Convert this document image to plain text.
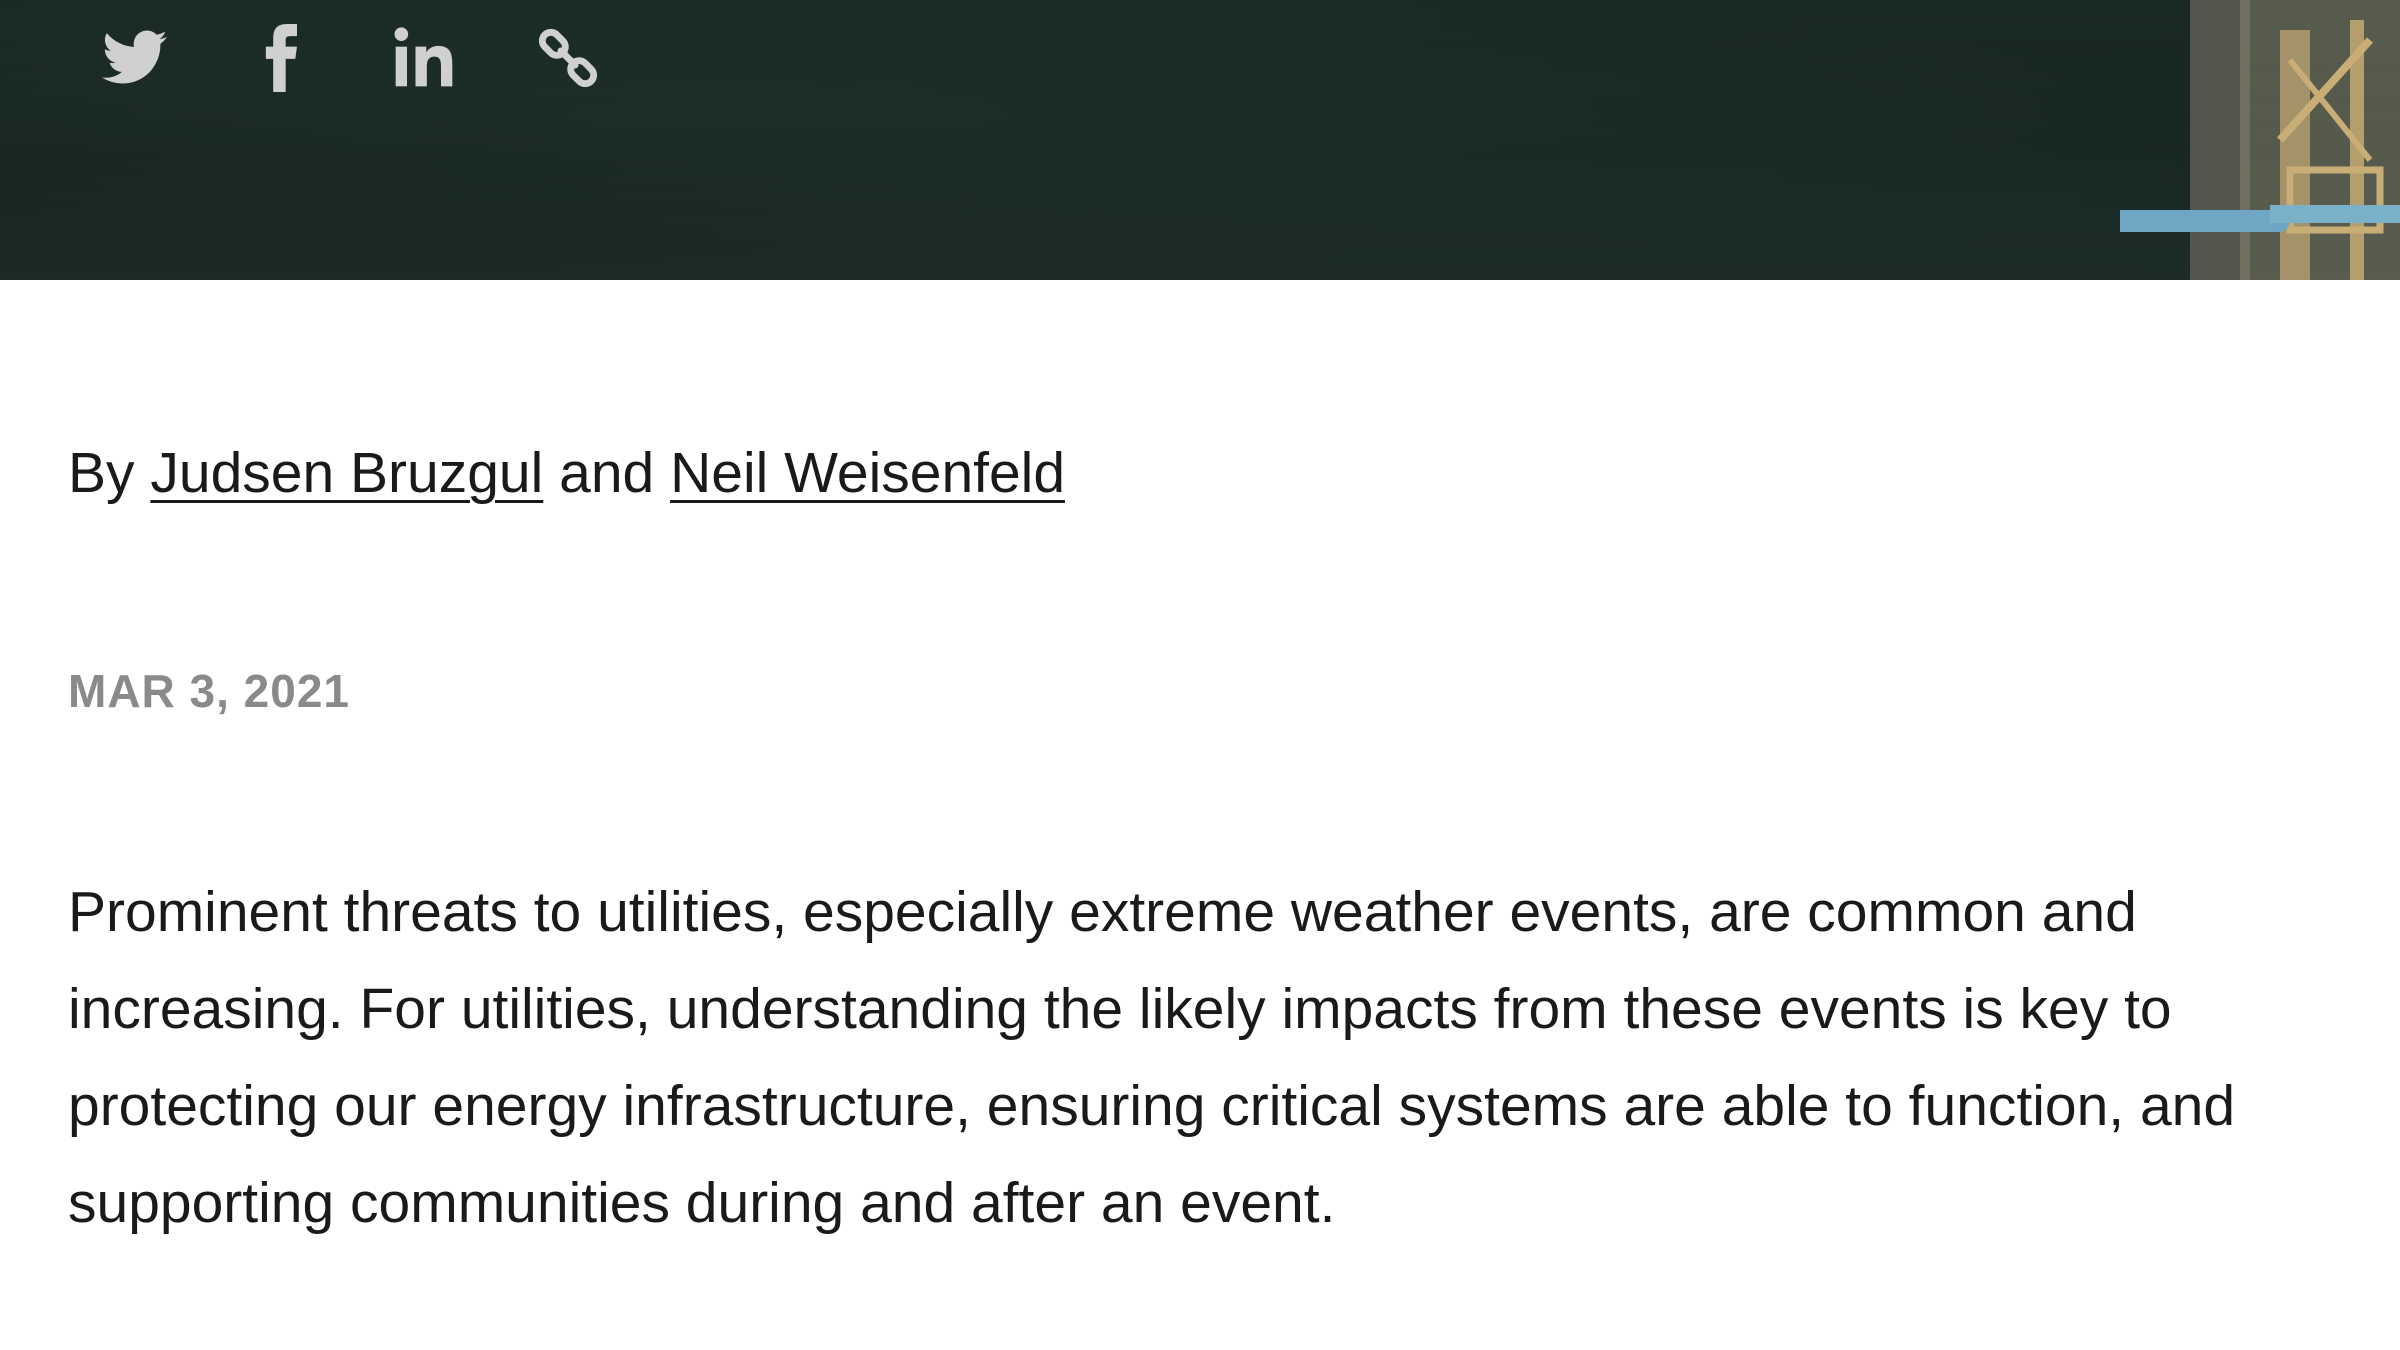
By Judsen Bruzgul and Neil Weisenfeld
MAR 3, 2021

Prominent threats to utilities, especially extreme weather events, are common and increasing. For utilities, understanding the likely impacts from these events is key to protecting our energy infrastructure, ensuring critical systems are able to function, and supporting communities during and after an event.
